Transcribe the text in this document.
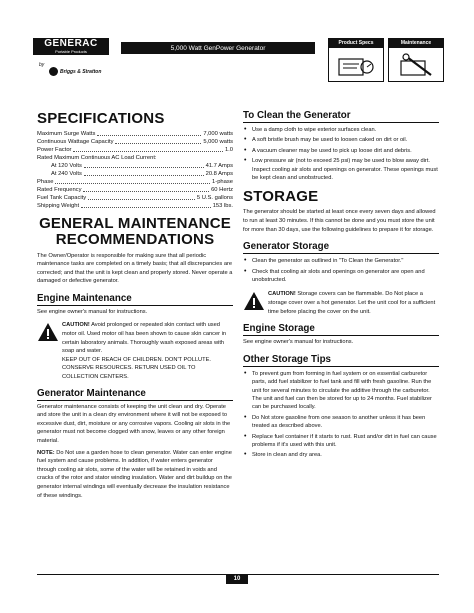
GENERAC
Portable Products
by
Briggs & Stratton
5,000 Watt GenPower Generator
Product Specs	Maintenance
SPECIFICATIONS
Maximum Surge Watts	7,000 watts
Continuous Wattage Capacity	5,000 watts
Power Factor	1.0
Rated Maximum Continuous AC Load Current:
At 120 Volts	41.7 Amps
At 240 Volts	20.8 Amps
Phase	1-phase
Rated Frequency	60 Hertz
Fuel Tank Capacity	5 U.S. gallons
Shipping Weight	153 lbs.
GENERAL MAINTENANCE
RECOMMENDATIONS
The Owner/Operator is responsible for making sure that all periodic maintenance tasks are completed on a timely basis; that all discrepancies are corrected; and that the unit is kept clean and properly stored. Never operate a damaged or defective generator.
Engine Maintenance
See engine owner's manual for instructions.
CAUTION! Avoid prolonged or repeated skin contact with used motor oil. Used motor oil has been shown to cause skin cancer in certain laboratory animals. Thoroughly wash exposed areas with soap and water.
KEEP OUT OF REACH OF CHILDREN. DON'T POLLUTE. CONSERVE RESOURCES. RETURN USED OIL TO COLLECTION CENTERS.
Generator Maintenance
Generator maintenance consists of keeping the unit clean and dry. Operate and store the unit in a clean dry environment where it will not be exposed to excessive dust, dirt, moisture or any corrosive vapors. Cooling air slots in the generator must not become clogged with snow, leaves or any other foreign material.
NOTE: Do Not use a garden hose to clean generator. Water can enter engine fuel system and cause problems. In addition, if water enters generator through cooling air slots, some of the water will be retained in voids and cracks of the rotor and stator winding insulation. Water and dirt buildup on the generator internal windings will eventually decrease the insulation resistance of these windings.
To Clean the Generator
• Use a damp cloth to wipe exterior surfaces clean.
• A soft bristle brush may be used to loosen caked on dirt or oil.
• A vacuum cleaner may be used to pick up loose dirt and debris.
• Low pressure air (not to exceed 25 psi) may be used to blow away dirt. Inspect cooling air slots and openings on generator. These openings must be kept clean and unobstructed.
STORAGE
The generator should be started at least once every seven days and allowed to run at least 30 minutes. If this cannot be done and you must store the unit for more than 30 days, use the following guidelines to prepare it for storage.
Generator Storage
• Clean the generator as outlined in "To Clean the Generator."
• Check that cooling air slots and openings on generator are open and unobstructed.
CAUTION! Storage covers can be flammable. Do Not place a storage cover over a hot generator. Let the unit cool for a sufficient time before placing the cover on the unit.
Engine Storage
See engine owner's manual for instructions.
Other Storage Tips
• To prevent gum from forming in fuel system or on essential carburetor parts, add fuel stabilizer to fuel tank and fill with fresh gasoline. Run the unit for several minutes to circulate the additive through the carburetor. The unit and fuel can then be stored for up to 24 months. Fuel stabilizer can be purchased locally.
• Do Not store gasoline from one season to another unless it has been treated as described above.
• Replace fuel container if it starts to rust. Rust and/or dirt in fuel can cause problems if it's used with this unit.
• Store in clean and dry area.
10
